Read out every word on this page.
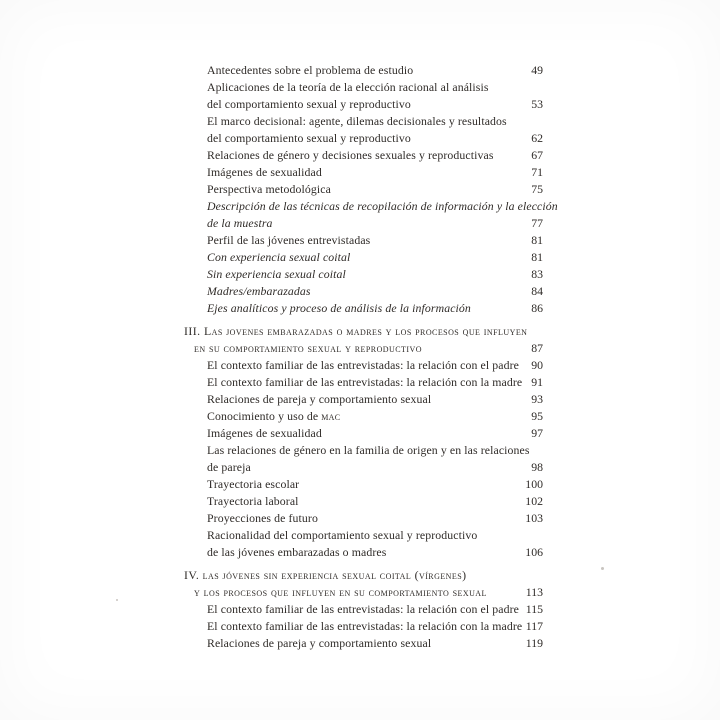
Antecedentes sobre el problema de estudio	49
Aplicaciones de la teoría de la elección racional al análisis
del comportamiento sexual y reproductivo	53
El marco decisional: agente, dilemas decisionales y resultados
del comportamiento sexual y reproductivo	62
Relaciones de género y decisiones sexuales y reproductivas	67
Imágenes de sexualidad	71
Perspectiva metodológica	75
Descripción de las técnicas de recopilación de información y la elección
de la muestra	77
Perfil de las jóvenes entrevistadas	81
Con experiencia sexual coital	81
Sin experiencia sexual coital	83
Madres/embarazadas	84
Ejes analíticos y proceso de análisis de la información	86
III. Las jovenes embarazadas o madres y los procesos que influyen
en su comportamiento sexual y reproductivo	87
El contexto familiar de las entrevistadas: la relación con el padre 90
El contexto familiar de las entrevistadas: la relación con la madre 91
Relaciones de pareja y comportamiento sexual	93
Conocimiento y uso de mac	95
Imágenes de sexualidad	97
Las relaciones de género en la familia de origen y en las relaciones
de pareja	98
Trayectoria escolar	100
Trayectoria laboral	102
Proyecciones de futuro	103
Racionalidad del comportamiento sexual y reproductivo
de las jóvenes embarazadas o madres	106
IV. las jóvenes sin experiencia sexual coital (vírgenes)
y los procesos que influyen en su comportamiento sexual	113
El contexto familiar de las entrevistadas: la relación con el padre 115
El contexto familiar de las entrevistadas: la relación con la madre 117
Relaciones de pareja y comportamiento sexual	119
